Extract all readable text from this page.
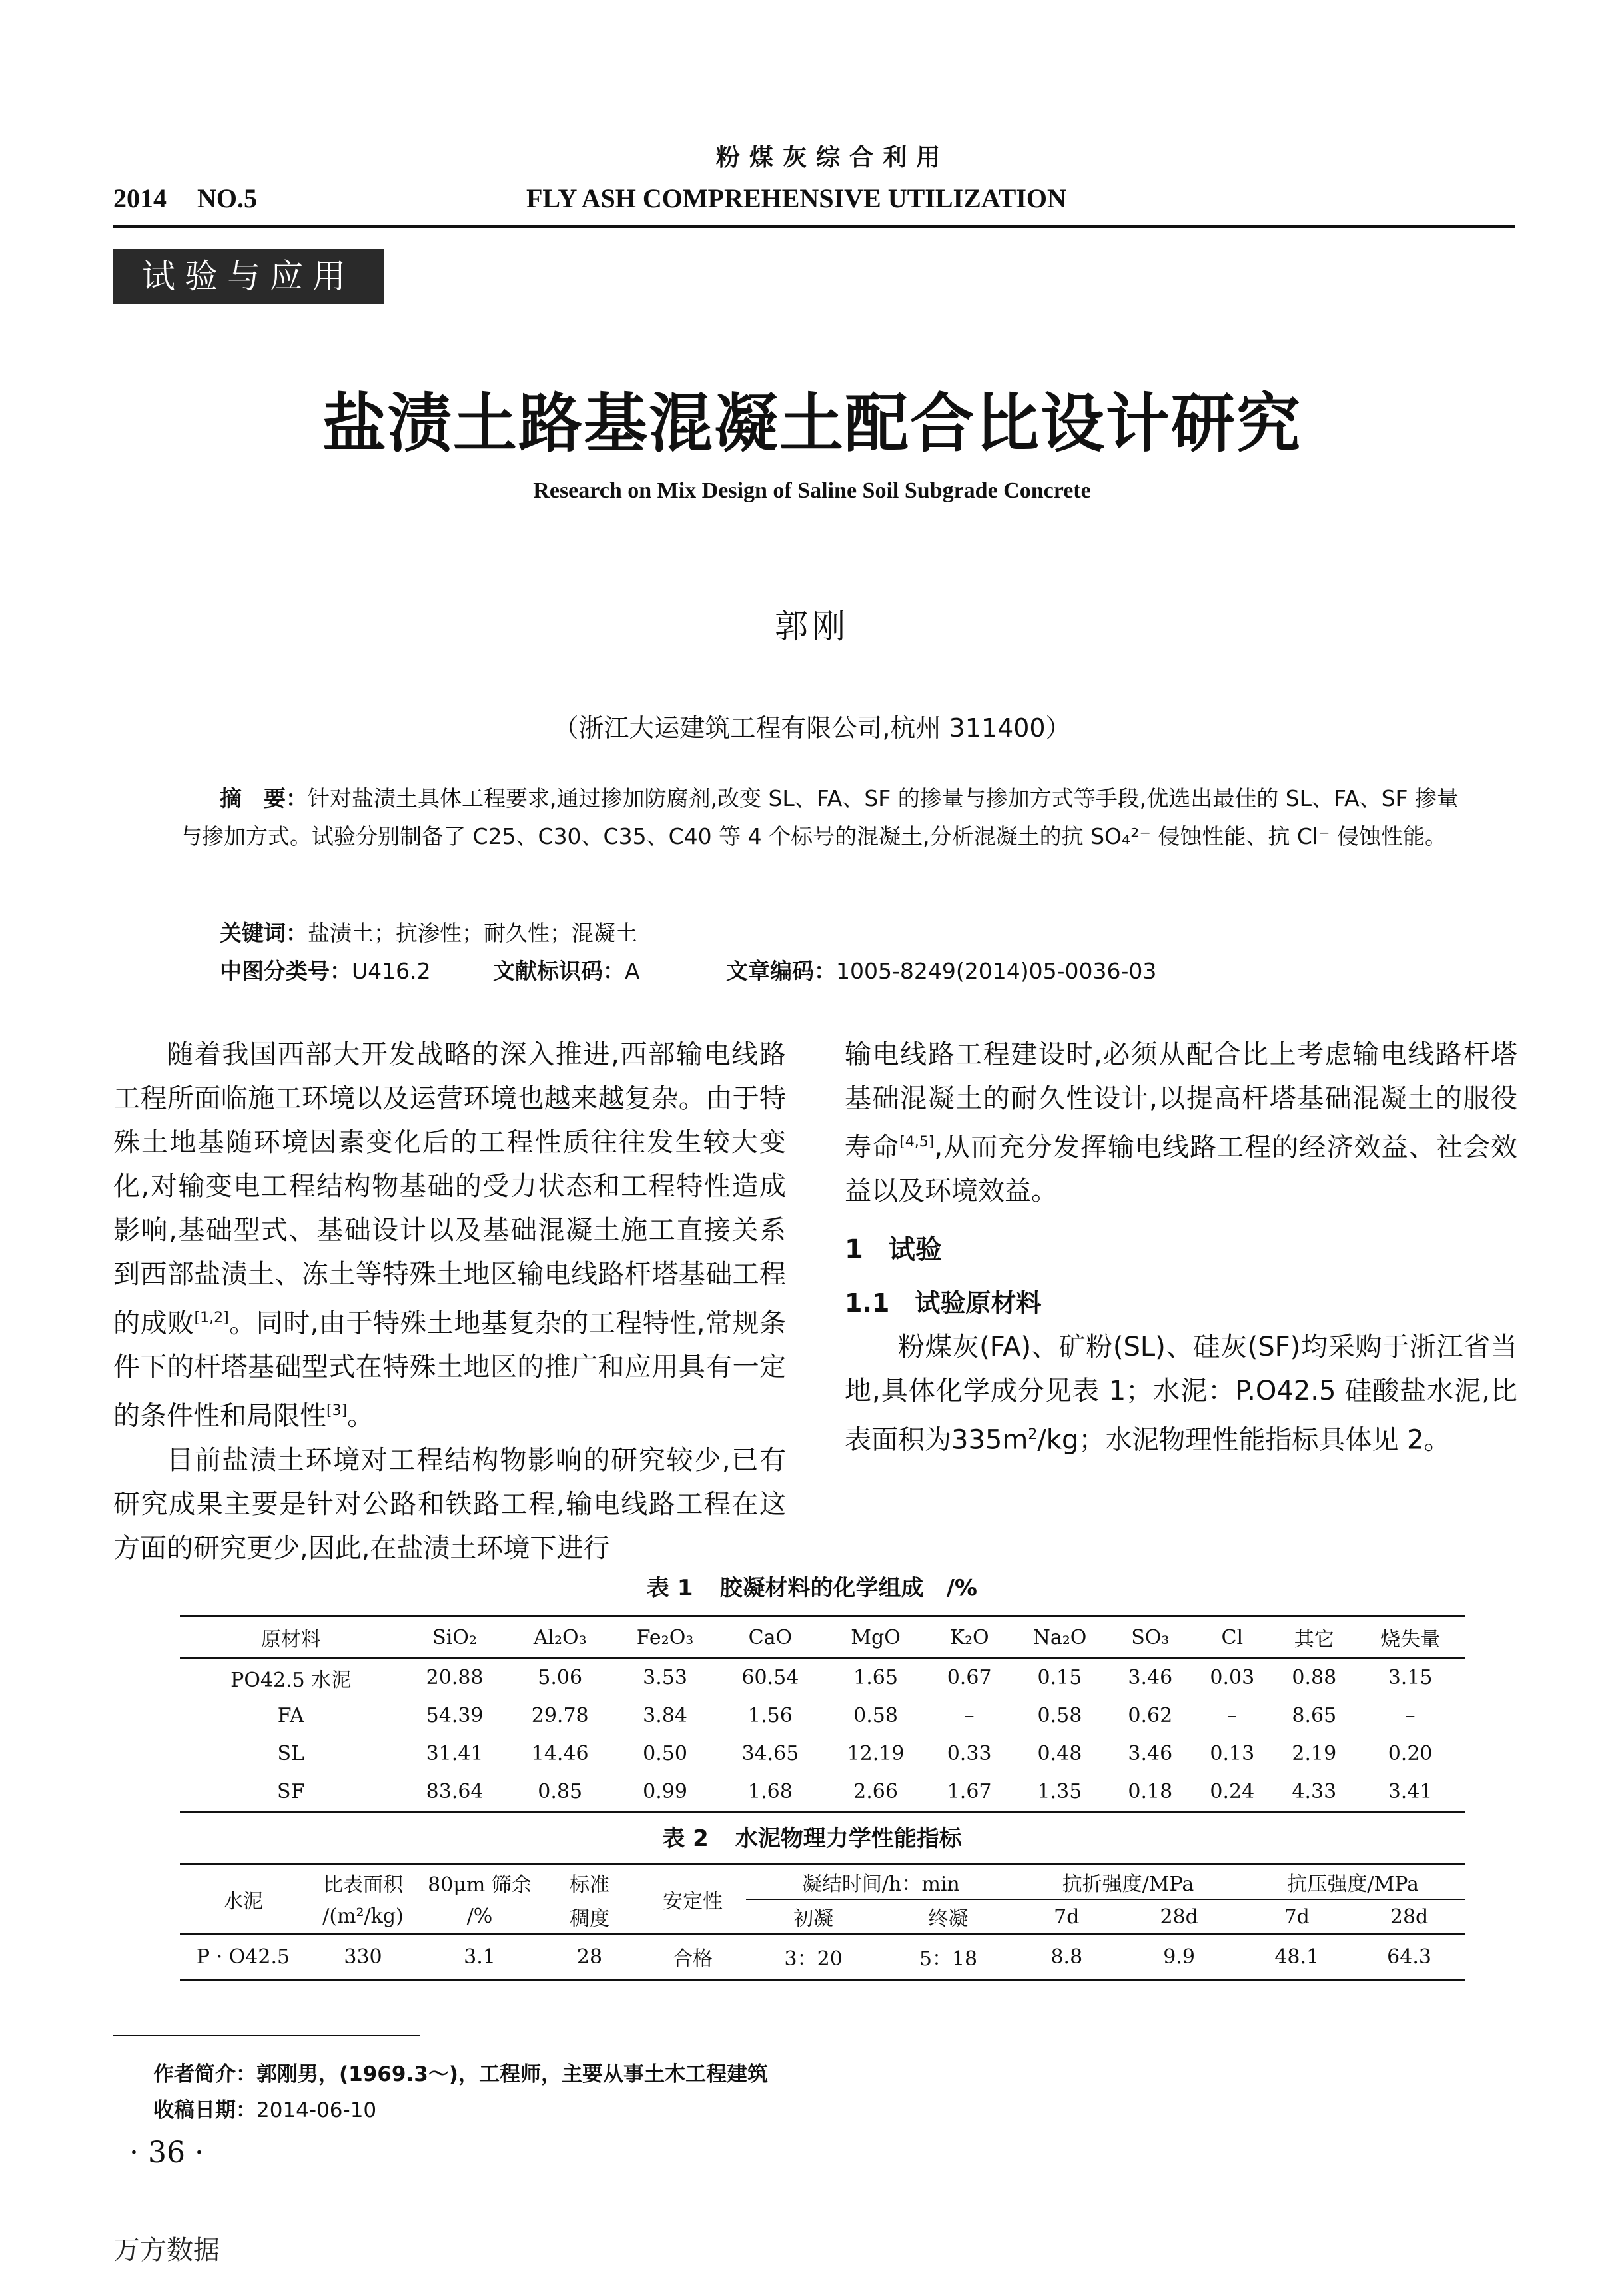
粉煤灰综合利用
2014 NO.5	FLY ASH COMPREHENSIVE UTILIZATION
试验与应用
盐渍土路基混凝土配合比设计研究
Research on Mix Design of Saline Soil Subgrade Concrete
郭刚
（浙江大运建筑工程有限公司,杭州 311400）
摘　要：针对盐渍土具体工程要求,通过掺加防腐剂,改变 SL、FA、SF 的掺量与掺加方式等手段,优选出最佳的 SL、FA、SF 掺量与掺加方式。试验分别制备了 C25、C30、C35、C40 等 4 个标号的混凝土,分析混凝土的抗 SO₄²⁻ 侵蚀性能、抗 Cl⁻ 侵蚀性能。
关键词：盐渍土；抗渗性；耐久性；混凝土
中图分类号：U416.2	文献标识码：A	文章编码：1005-8249(2014)05-0036-03

随着我国西部大开发战略的深入推进,西部输电线路工程所面临施工环境以及运营环境也越来越复杂。由于特殊土地基随环境因素变化后的工程性质往往发生较大变化,对输变电工程结构物基础的受力状态和工程特性造成影响,基础型式、基础设计以及基础混凝土施工直接关系到西部盐渍土、冻土等特殊土地区输电线路杆塔基础工程的成败[1,2]。同时,由于特殊土地基复杂的工程特性,常规条件下的杆塔基础型式在特殊土地区的推广和应用具有一定的条件性和局限性[3]。

目前盐渍土环境对工程结构物影响的研究较少,已有研究成果主要是针对公路和铁路工程,输电线路工程在这方面的研究更少,因此,在盐渍土环境下进行

输电线路工程建设时,必须从配合比上考虑输电线路杆塔基础混凝土的耐久性设计,以提高杆塔基础混凝土的服役寿命[4,5],从而充分发挥输电线路工程的经济效益、社会效益以及环境效益。

1 试验
1.1 试验原材料

粉煤灰(FA)、矿粉(SL)、硅灰(SF)均采购于浙江省当地,具体化学成分见表 1；水泥：P.O42.5 硅酸盐水泥,比表面积为$335m^2/kg$；水泥物理性能指标具体见 2。

表 1 胶凝材料的化学组成　/%
原材料	SiO₂	Al₂O₃	Fe₂O₃	CaO	MgO	K₂O	Na₂O	SO₃	Cl	其它	烧失量
PO42.5 水泥	20.88	5.06	3.53	60.54	1.65	0.67	0.15	3.46	0.03	0.88	3.15
FA	54.39	29.78	3.84	1.56	0.58	–	0.58	0.62	–	8.65	–
SL	31.41	14.46	0.50	34.65	12.19	0.33	0.48	3.46	0.13	2.19	0.20
SF	83.64	0.85	0.99	1.68	2.66	1.67	1.35	0.18	0.24	4.33	3.41
表 2 水泥物理力学性能指标
水泥	比表面积	80μm 筛余	标准	安定性	凝结时间/h：min		抗折强度/MPa		抗压强度/MPa	
	/(m²/kg)	/%	稠度		初凝	终凝	7d	28d	7d	28d
P · O42.5	330	3.1	28	合格	3：20	5：18	8.8	9.9	48.1	64.3
作者简介：郭刚男，(1969.3～)，工程师，主要从事土木工程建筑
收稿日期：2014-06-10
· 36 ·
万方数据
